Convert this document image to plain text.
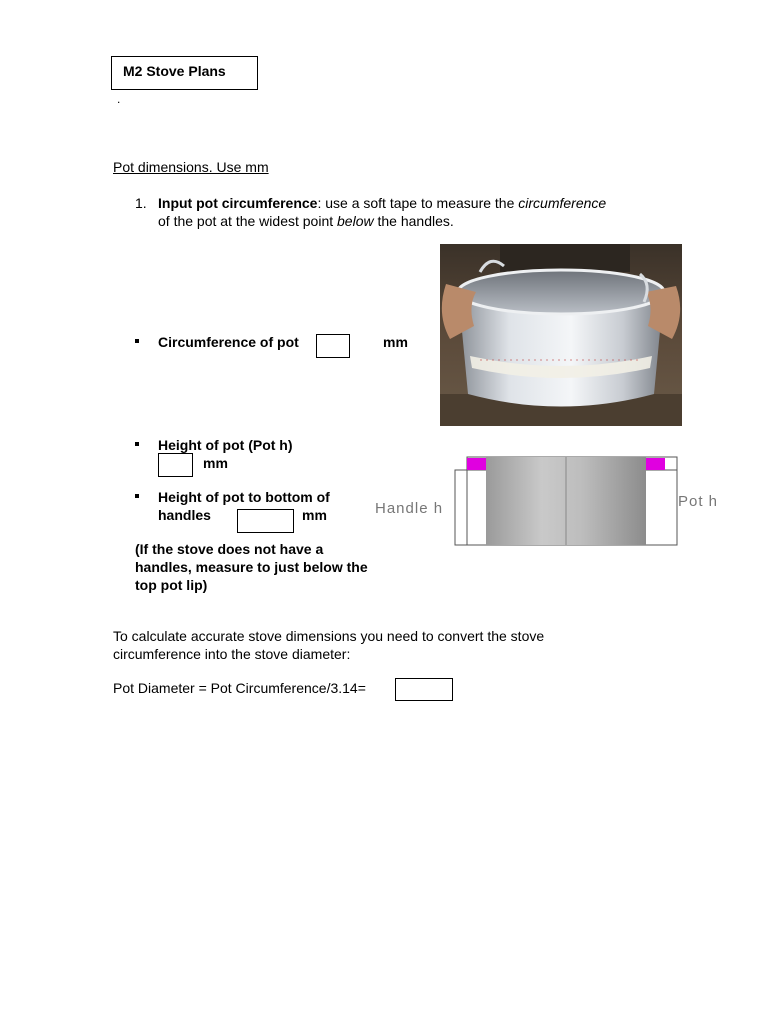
M2 Stove Plans
.
Pot dimensions. Use mm
1. Input pot circumference: use a soft tape to measure the circumference
of the pot at the widest point below the handles.
Circumference of pot	mm
Height of pot (Pot h)
mm
Height of pot to bottom of
handles	mm	Handle h	Pot h
(If the stove does not have a handles, measure to just below the top pot lip)
To calculate accurate stove dimensions you need to convert the stove circumference into the stove diameter:
Pot Diameter = Pot Circumference/3.14=
